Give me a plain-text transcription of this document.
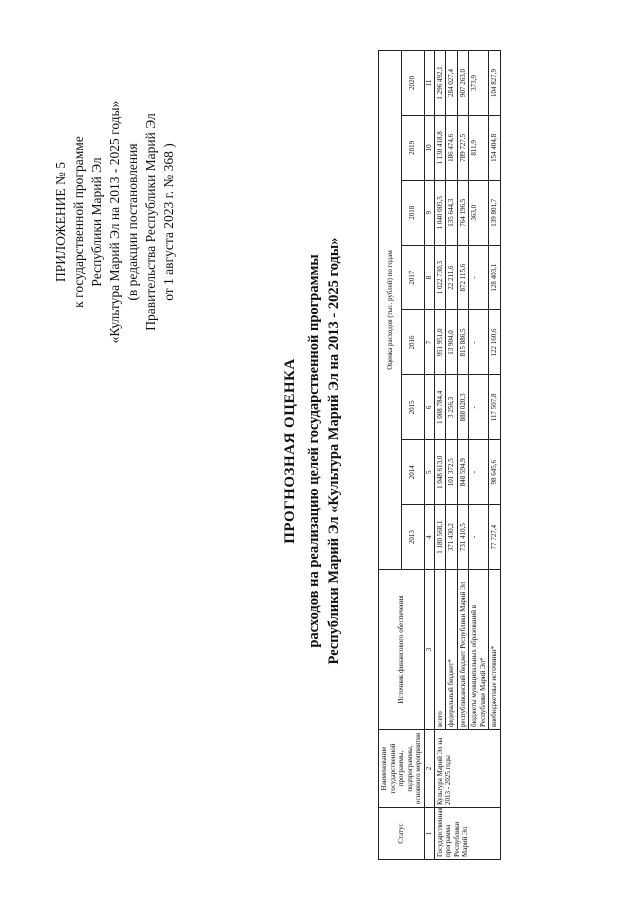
ПРИЛОЖЕНИЕ № 5 к государственной программе Республики Марий Эл «Культура Марий Эл на 2013 - 2025 годы» (в редакции постановления Правительства Республики Марий Эл от 1 августа 2023 г. № 368 )
ПРОГНОЗНАЯ ОЦЕНКА расходов на реализацию целей государственной программы Республики Марий Эл «Культура Марий Эл на 2013 - 2025 годы»
Статус	Наименование государственной программы, подпрограммы, основного мероприятия	Источник финансового обеспечения	Оценка расходов (тыс. рублей) по годам							
			2013	2014	2015	2016	2017	2018	2019	2020
1	2	3	4	5	6	7	8	9	10	11
Государственная программа Республики Марий Эл	Культура Марий Эл на 2013 - 2025 годы	всего	1 180 568,1	1 048 613,0	1 008 784,4	951 951,0	1 022 730,3	1 040 005,5	1 130 418,8	1 296 492,1
		федеральный бюджет*	371 430,2	101 372,5	3 256,3	13 904,0	22 211,6	135 644,3	186 474,6	284 027,4
		республиканский бюджет Республики Марий Эл	731 410,5	848 594,9	888 020,3	815 886,5	872 115,6	764 196,5	789 727,5	907 263,0
		бюджеты муниципальных образований в Республике Марий Эл*	-	-	-	-	-	363,0	811,9	373,9
		внебюджетные источники*	77 727,4	98 645,6	117 507,8	122 160,6	128 403,1	139 801,7	154 404,8	104 827,9
